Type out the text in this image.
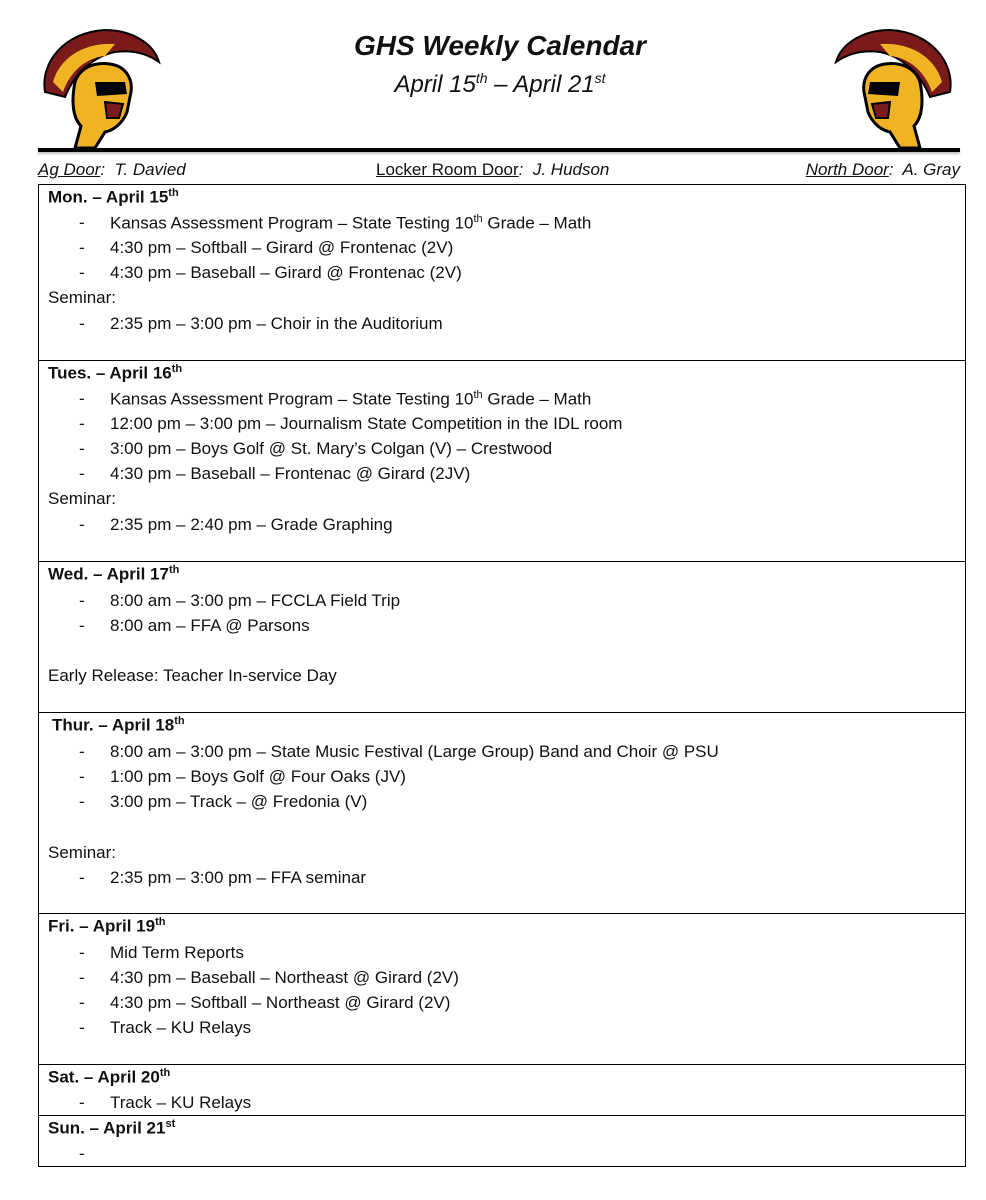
GHS Weekly Calendar
April 15th – April 21st
Ag Door:  T. Davied	Locker Room Door:  J. Hudson	North Door:  A. Gray
Mon. – April 15th
- Kansas Assessment Program – State Testing 10th Grade – Math
- 4:30 pm – Softball – Girard @ Frontenac (2V)
- 4:30 pm – Baseball – Girard @ Frontenac (2V)
Seminar:
- 2:35 pm – 3:00 pm – Choir in the Auditorium
Tues. – April 16th
- Kansas Assessment Program – State Testing 10th Grade – Math
- 12:00 pm – 3:00 pm – Journalism State Competition in the IDL room
- 3:00 pm – Boys Golf @ St. Mary’s Colgan (V) – Crestwood
- 4:30 pm – Baseball – Frontenac @ Girard (2JV)
Seminar:
- 2:35 pm – 2:40 pm – Grade Graphing
Wed. – April 17th
- 8:00 am – 3:00 pm – FCCLA Field Trip
- 8:00 am – FFA @ Parsons
Early Release: Teacher In-service Day
Thur. – April 18th
- 8:00 am – 3:00 pm – State Music Festival (Large Group) Band and Choir @ PSU
- 1:00 pm – Boys Golf @ Four Oaks (JV)
- 3:00 pm – Track – @ Fredonia (V)
Seminar:
- 2:35 pm – 3:00 pm – FFA seminar
Fri. – April 19th
- Mid Term Reports
- 4:30 pm – Baseball – Northeast @ Girard (2V)
- 4:30 pm – Softball – Northeast @ Girard (2V)
- Track – KU Relays
Sat. – April 20th
- Track – KU Relays
Sun. – April 21st
-
